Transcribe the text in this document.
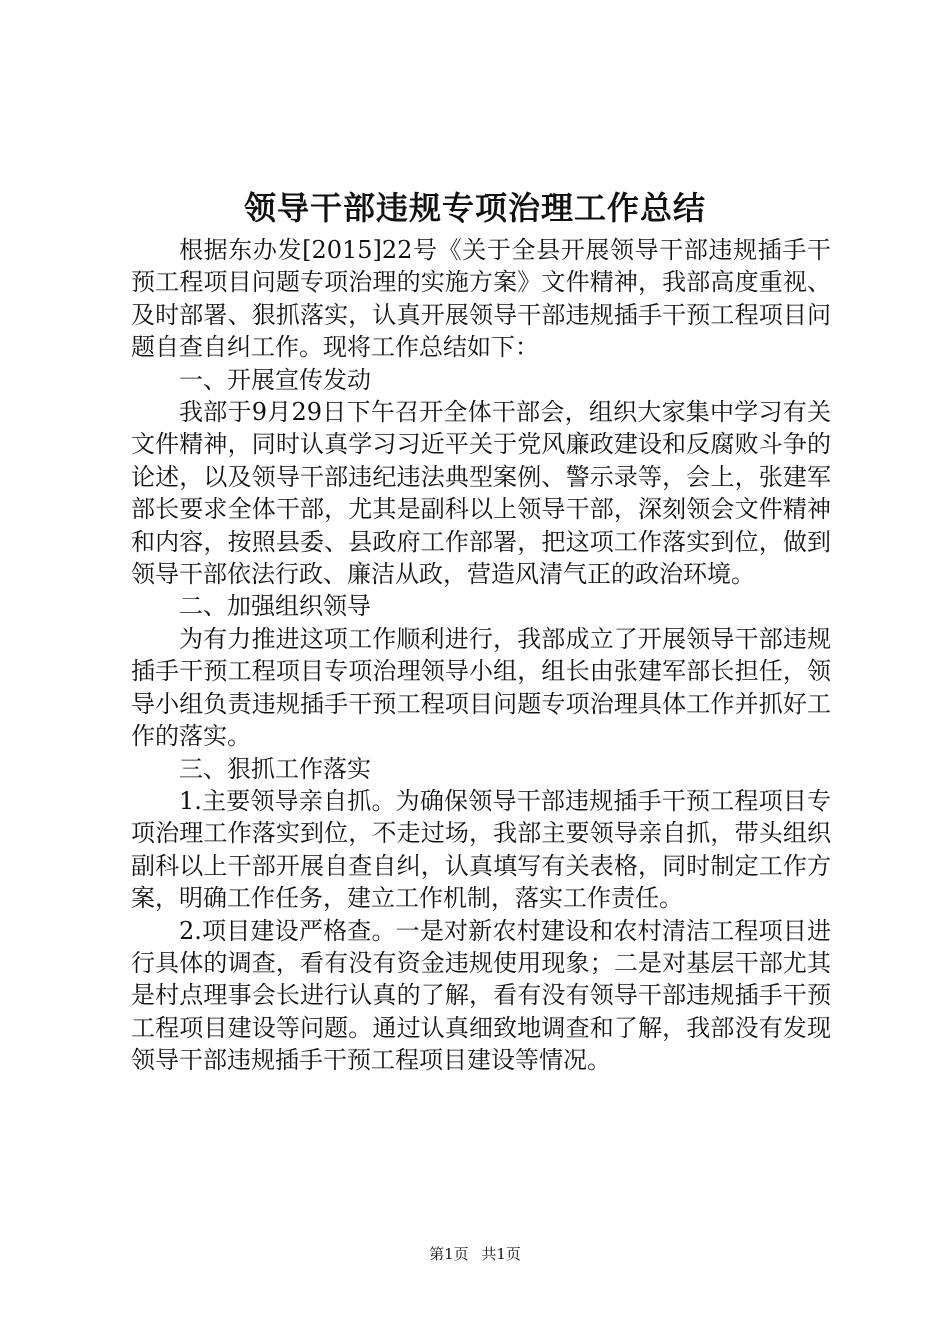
领导干部违规专项治理工作总结

根据东办发[2015]22号《关于全县开展领导干部违规插手干预工程项目问题专项治理的实施方案》文件精神，我部高度重视、及时部署、狠抓落实，认真开展领导干部违规插手干预工程项目问题自查自纠工作。现将工作总结如下：

一、开展宣传发动

我部于9月29日下午召开全体干部会，组织大家集中学习有关文件精神，同时认真学习习近平关于党风廉政建设和反腐败斗争的论述，以及领导干部违纪违法典型案例、警示录等，会上，张建军部长要求全体干部，尤其是副科以上领导干部，深刻领会文件精神和内容，按照县委、县政府工作部署，把这项工作落实到位，做到领导干部依法行政、廉洁从政，营造风清气正的政治环境。

二、加强组织领导

为有力推进这项工作顺利进行，我部成立了开展领导干部违规插手干预工程项目专项治理领导小组，组长由张建军部长担任，领导小组负责违规插手干预工程项目问题专项治理具体工作并抓好工作的落实。

三、狠抓工作落实

1.主要领导亲自抓。为确保领导干部违规插手干预工程项目专项治理工作落实到位，不走过场，我部主要领导亲自抓，带头组织副科以上干部开展自查自纠，认真填写有关表格，同时制定工作方案，明确工作任务，建立工作机制，落实工作责任。

2.项目建设严格查。一是对新农村建设和农村清洁工程项目进行具体的调查，看有没有资金违规使用现象；二是对基层干部尤其是村点理事会长进行认真的了解，看有没有领导干部违规插手干预工程项目建设等问题。通过认真细致地调查和了解，我部没有发现领导干部违规插手干预工程项目建设等情况。

第1页 共1页
